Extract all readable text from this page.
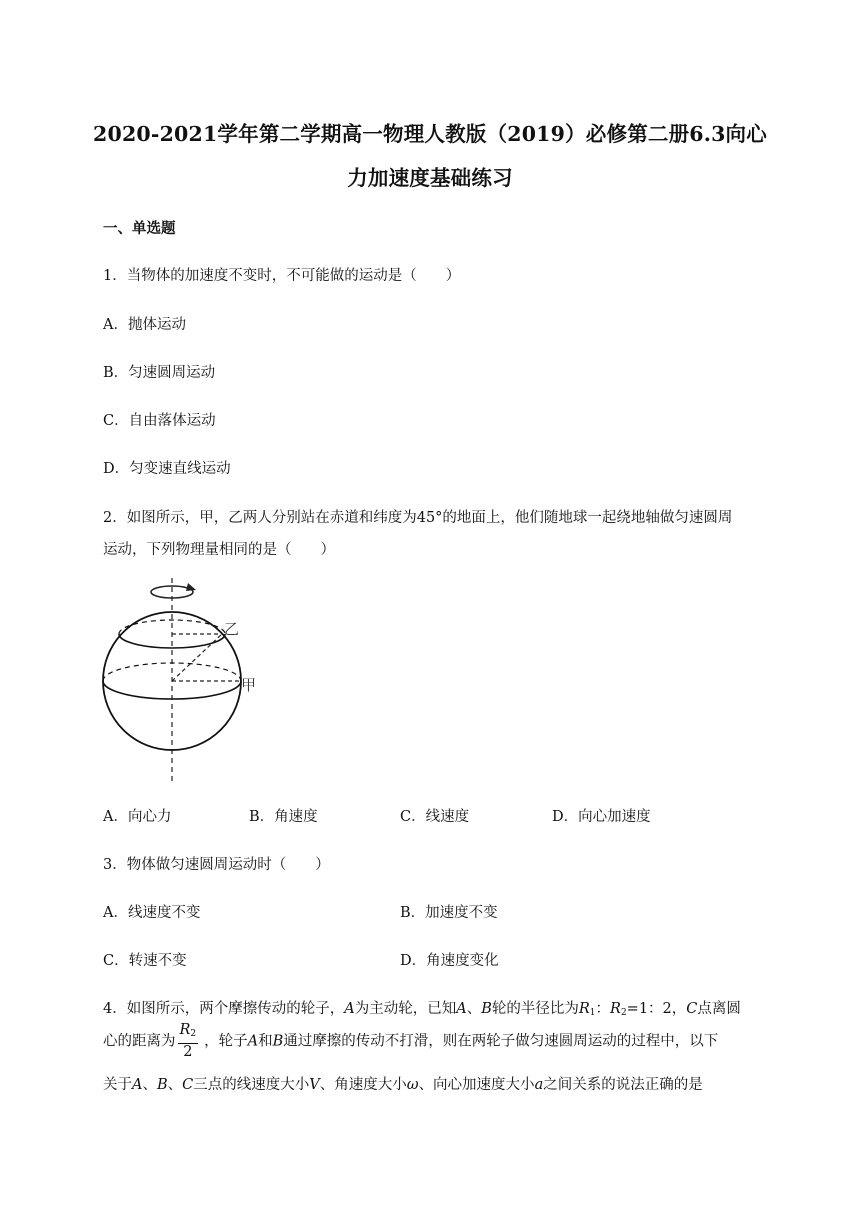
2020-2021学年第二学期高一物理人教版（2019）必修第二册6.3向心
力加速度基础练习
一、单选题
1．当物体的加速度不变时，不可能做的运动是（　　）
A．抛体运动
B．匀速圆周运动
C．自由落体运动
D．匀变速直线运动
2．如图所示，甲，乙两人分别站在赤道和纬度为45°的地面上，他们随地球一起绕地轴做匀速圆周
运动，下列物理量相同的是（　　）
乙
甲
A．向心力	B．角速度	C．线速度	D．向心加速度
3．物体做匀速圆周运动时（　　）
A．线速度不变	B．加速度不变
C．转速不变	D．角速度变化
4．如图所示，两个摩擦传动的轮子，A为主动轮，已知A、B轮的半径比为$R_1$：$R_2=1$：2，C点离圆
心的距离为 $\frac{R_2}{2}$ ，轮子A和B通过摩擦的传动不打滑，则在两轮子做匀速圆周运动的过程中，以下
关于A、B、C三点的线速度大小V、角速度大小ω、向心加速度大小a之间关系的说法正确的是
